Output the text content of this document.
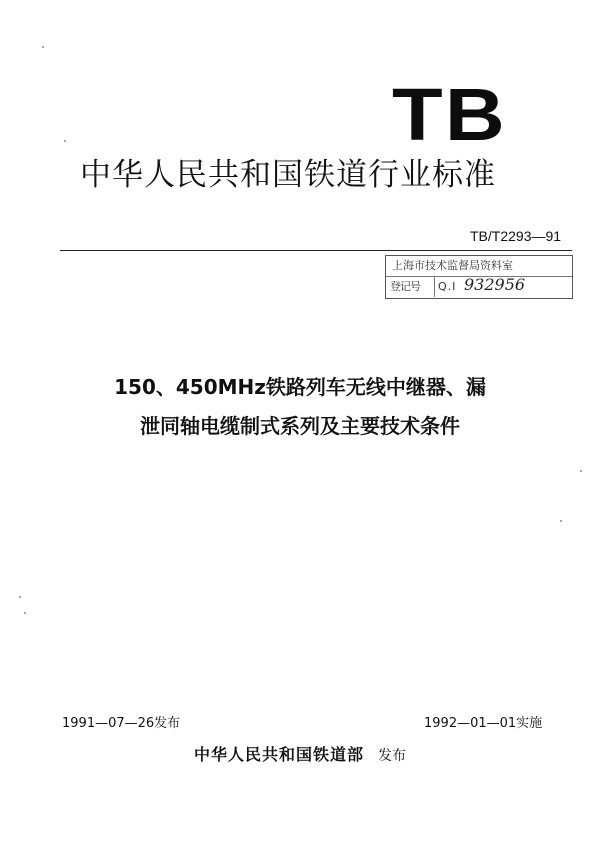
TB
中华人民共和国铁道行业标准
TB/T2293—91
上海市技术监督局资料室
登记号	Q.I 932956
150、450MHz铁路列车无线中继器、漏
泄同轴电缆制式系列及主要技术条件
1991—07—26发布	1992—01—01实施
中华人民共和国铁道部 发布
